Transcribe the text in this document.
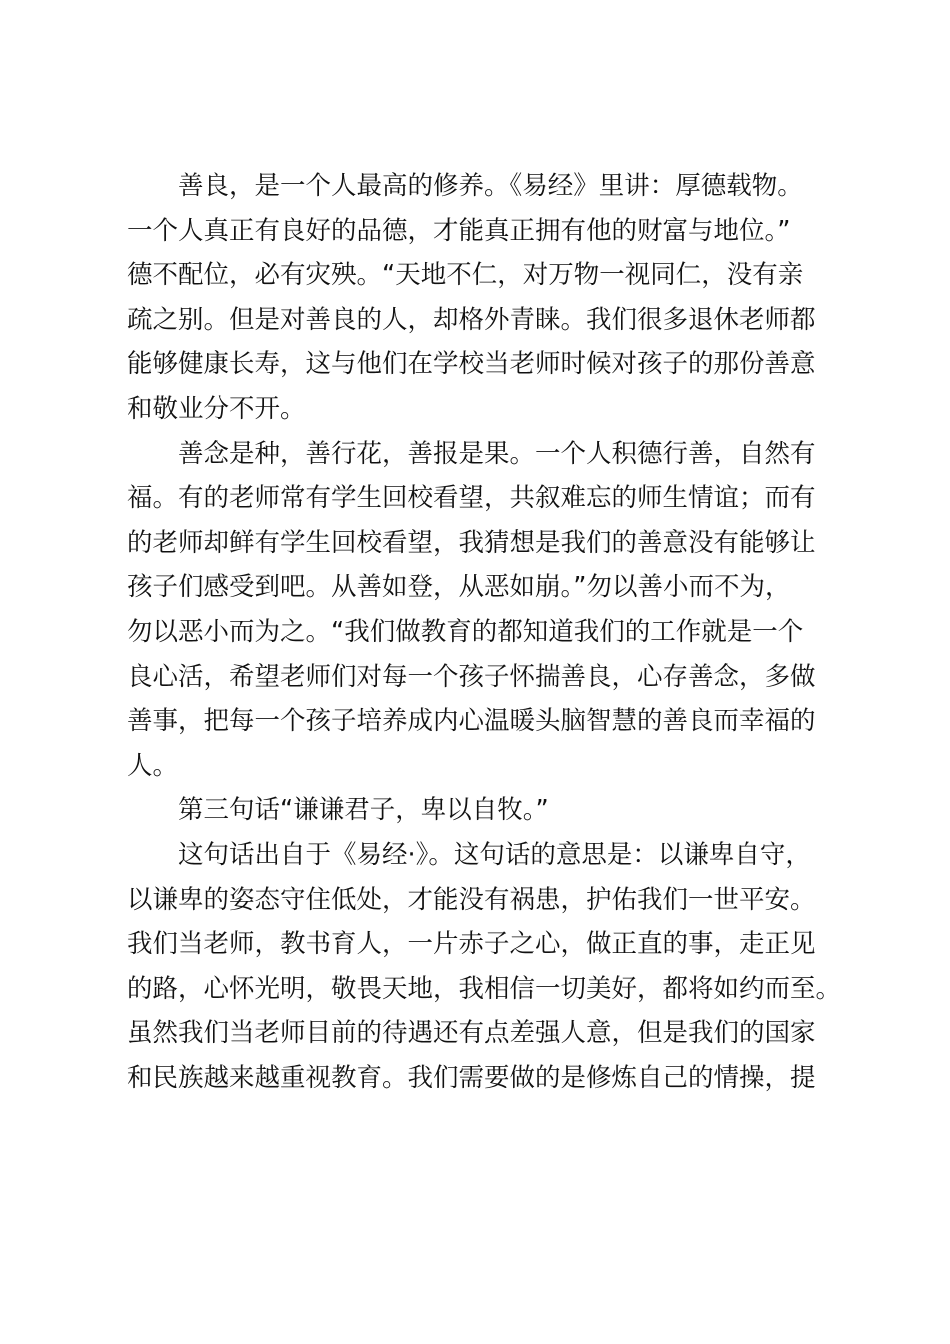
善良，是一个人最高的修养。《易经》里讲：厚德载物。
一个人真正有良好的品德，才能真正拥有他的财富与地位。”
德不配位，必有灾殃。“天地不仁，对万物一视同仁，没有亲
疏之别。但是对善良的人，却格外青睐。我们很多退休老师都
能够健康长寿，这与他们在学校当老师时候对孩子的那份善意
和敬业分不开。
善念是种，善行花，善报是果。一个人积德行善，自然有
福。有的老师常有学生回校看望，共叙难忘的师生情谊；而有
的老师却鲜有学生回校看望，我猜想是我们的善意没有能够让
孩子们感受到吧。从善如登，从恶如崩。”勿以善小而不为，
勿以恶小而为之。“我们做教育的都知道我们的工作就是一个
良心活，希望老师们对每一个孩子怀揣善良，心存善念，多做
善事，把每一个孩子培养成内心温暖头脑智慧的善良而幸福的
人。
第三句话“谦谦君子，卑以自牧。”
这句话出自于《易经·》。这句话的意思是：以谦卑自守，
以谦卑的姿态守住低处，才能没有祸患，护佑我们一世平安。
我们当老师，教书育人，一片赤子之心，做正直的事，走正见
的路，心怀光明，敬畏天地，我相信一切美好，都将如约而至。
虽然我们当老师目前的待遇还有点差强人意，但是我们的国家
和民族越来越重视教育。我们需要做的是修炼自己的情操，提
